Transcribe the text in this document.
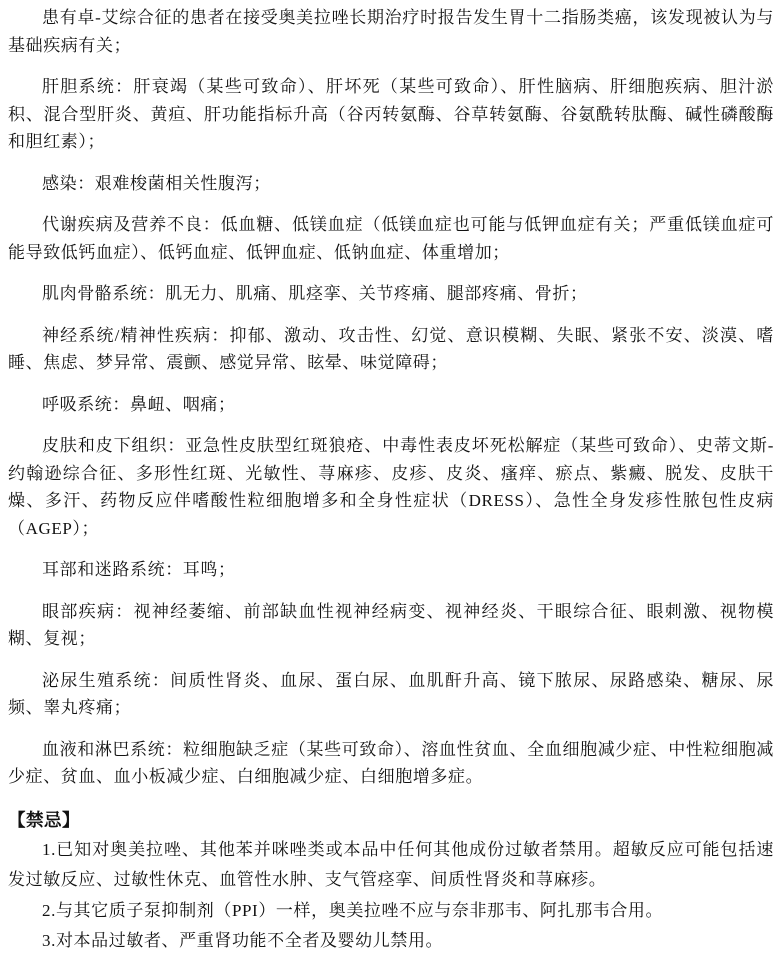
患有卓-艾综合征的患者在接受奥美拉唑长期治疗时报告发生胃十二指肠类癌，该发现被认为与基础疾病有关；

肝胆系统：肝衰竭（某些可致命）、肝坏死（某些可致命）、肝性脑病、肝细胞疾病、胆汁淤积、混合型肝炎、黄疸、肝功能指标升高（谷丙转氨酶、谷草转氨酶、谷氨酰转肽酶、碱性磷酸酶和胆红素）；

感染：艰难梭菌相关性腹泻；

代谢疾病及营养不良：低血糖、低镁血症（低镁血症也可能与低钾血症有关；严重低镁血症可能导致低钙血症）、低钙血症、低钾血症、低钠血症、体重增加；

肌肉骨骼系统：肌无力、肌痛、肌痉挛、关节疼痛、腿部疼痛、骨折；

神经系统/精神性疾病：抑郁、激动、攻击性、幻觉、意识模糊、失眠、紧张不安、淡漠、嗜睡、焦虑、梦异常、震颤、感觉异常、眩晕、味觉障碍；

呼吸系统：鼻衄、咽痛；

皮肤和皮下组织：亚急性皮肤型红斑狼疮、中毒性表皮坏死松解症（某些可致命）、史蒂文斯-约翰逊综合征、多形性红斑、光敏性、荨麻疹、皮疹、皮炎、瘙痒、瘀点、紫癜、脱发、皮肤干燥、多汗、药物反应伴嗜酸性粒细胞增多和全身性症状（DRESS）、急性全身发疹性脓包性皮病（AGEP）；

耳部和迷路系统：耳鸣；

眼部疾病：视神经萎缩、前部缺血性视神经病变、视神经炎、干眼综合征、眼刺激、视物模糊、复视；

泌尿生殖系统：间质性肾炎、血尿、蛋白尿、血肌酐升高、镜下脓尿、尿路感染、糖尿、尿频、睾丸疼痛；

血液和淋巴系统：粒细胞缺乏症（某些可致命）、溶血性贫血、全血细胞减少症、中性粒细胞减少症、贫血、血小板减少症、白细胞减少症、白细胞增多症。

【禁忌】

1.已知对奥美拉唑、其他苯并咪唑类或本品中任何其他成份过敏者禁用。超敏反应可能包括速发过敏反应、过敏性休克、血管性水肿、支气管痉挛、间质性肾炎和荨麻疹。

2.与其它质子泵抑制剂（PPI）一样，奥美拉唑不应与奈非那韦、阿扎那韦合用。

3.对本品过敏者、严重肾功能不全者及婴幼儿禁用。
